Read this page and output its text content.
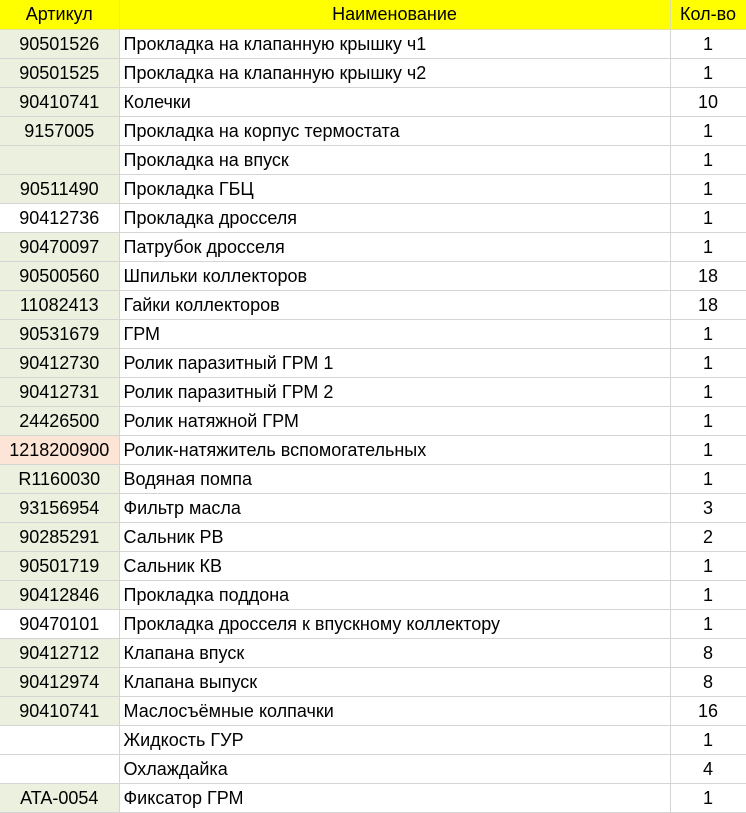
Артикул	Наименование	Кол-во
90501526	Прокладка на клапанную крышку ч1	1
90501525	Прокладка на клапанную крышку ч2	1
90410741	Колечки	10
9157005	Прокладка на корпус термостата	1
	Прокладка на впуск	1
90511490	Прокладка ГБЦ	1
90412736	Прокладка дросселя	1
90470097	Патрубок дросселя	1
90500560	Шпильки коллекторов	18
11082413	Гайки коллекторов	18
90531679	ГРМ	1
90412730	Ролик паразитный ГРМ 1	1
90412731	Ролик паразитный ГРМ 2	1
24426500	Ролик натяжной ГРМ	1
1218200900	Ролик-натяжитель вспомогательных	1
R1160030	Водяная помпа	1
93156954	Фильтр масла	3
90285291	Сальник РВ	2
90501719	Сальник КВ	1
90412846	Прокладка поддона	1
90470101	Прокладка дросселя к впускному коллектору	1
90412712	Клапана впуск	8
90412974	Клапана выпуск	8
90410741	Маслосъёмные колпачки	16
	Жидкость ГУР	1
	Охлаждайка	4
ATA-0054	Фиксатор ГРМ	1
